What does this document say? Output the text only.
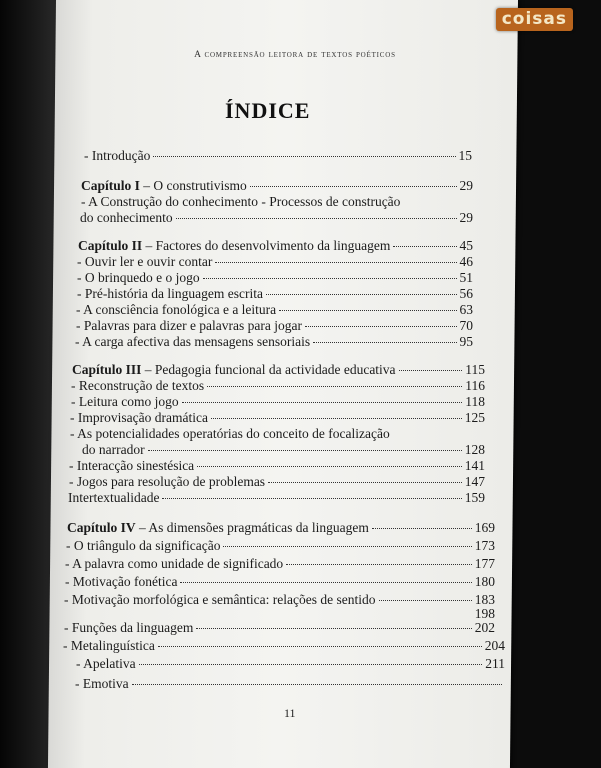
coisas
A compreensão leitora de textos poéticos
ÍNDICE
- Introdução	15
Capítulo I – O construtivismo	29
- A Construção do conhecimento - Processos de construção
do conhecimento	29
Capítulo II – Factores do desenvolvimento da linguagem	45
- Ouvir ler e ouvir contar	46
- O brinquedo e o jogo	51
- Pré-história da linguagem escrita	56
- A consciência fonológica e a leitura	63
- Palavras para dizer e palavras para jogar	70
- A carga afectiva das mensagens sensoriais	95
Capítulo III – Pedagogia funcional da actividade educativa	115
- Reconstrução de textos	116
- Leitura como jogo	118
- Improvisação dramática	125
- As potencialidades operatórias do conceito de focalização
do narrador	128
- Interacção sinestésica	141
- Jogos para resolução de problemas	147
Intertextualidade	159
Capítulo IV – As dimensões pragmáticas da linguagem	169
- O triângulo da significação	173
- A palavra como unidade de significado	177
- Motivação fonética	180
- Motivação morfológica e semântica: relações de sentido	183
198
- Funções da linguagem	202
- Metalinguística	204
- Apelativa	211
- Emotiva
11
